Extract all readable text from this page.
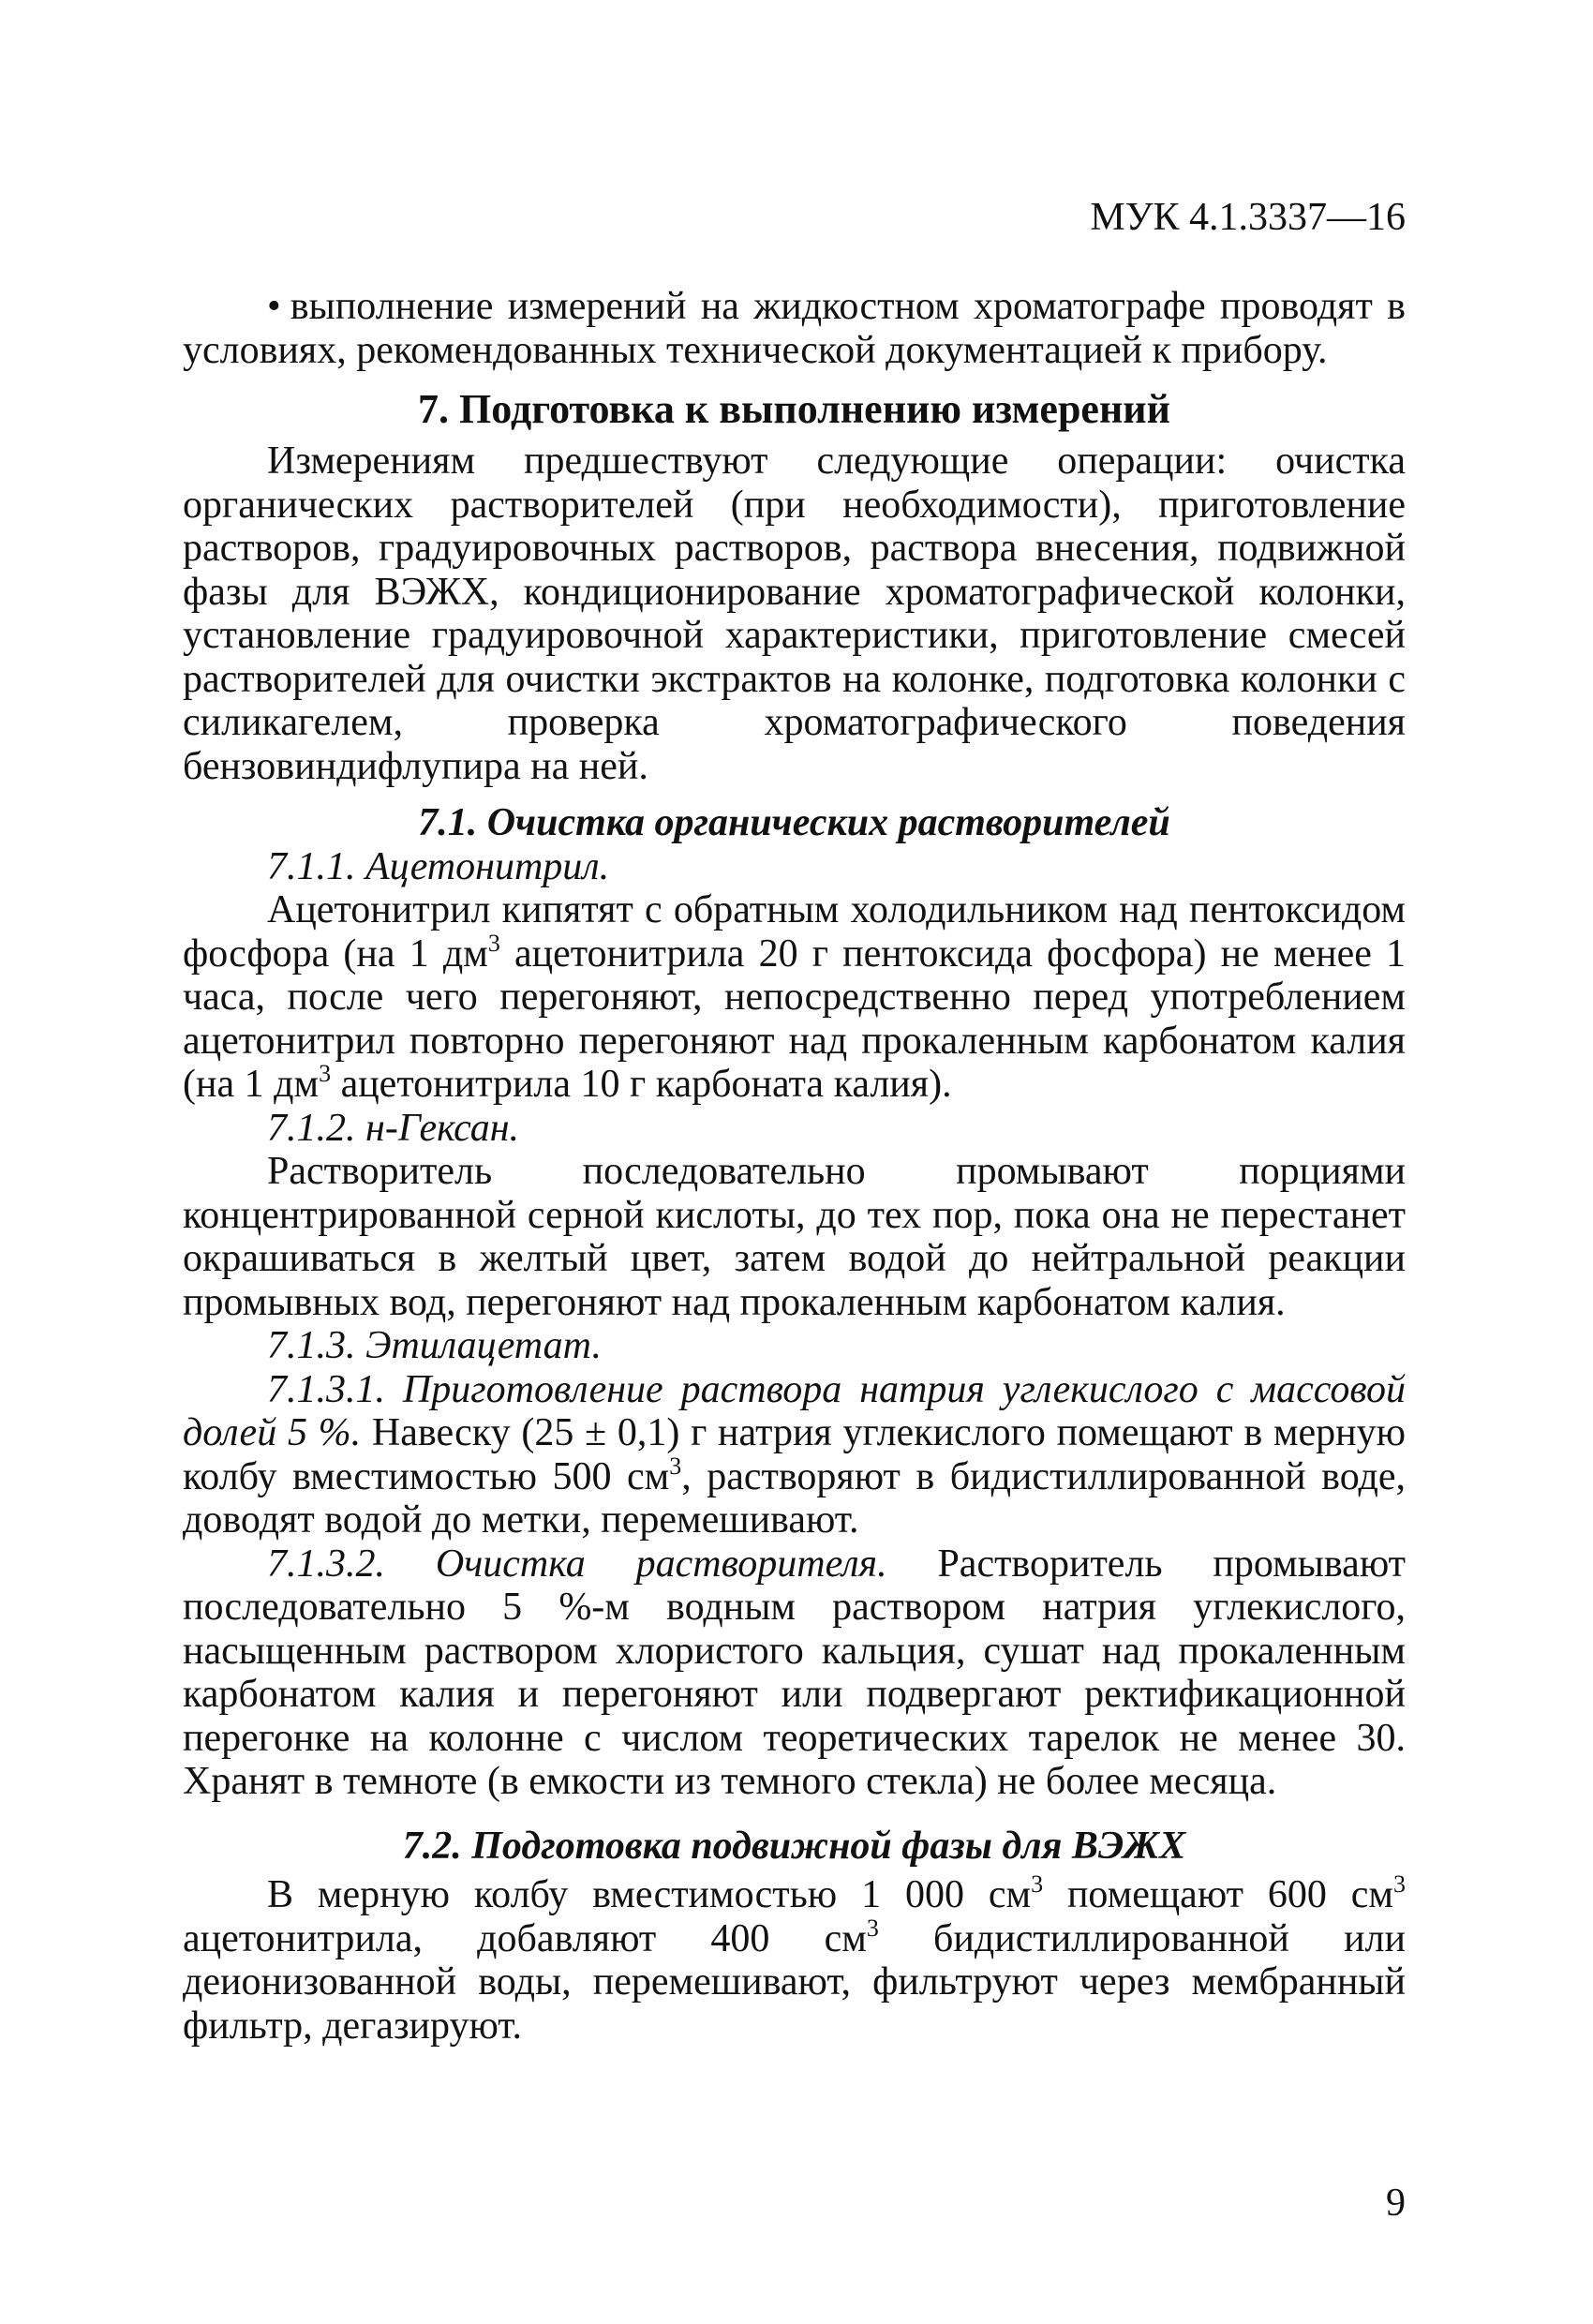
МУК 4.1.3337—16

• выполнение измерений на жидкостном хроматографе проводят в условиях, рекомендованных технической документацией к прибору.

7. Подготовка к выполнению измерений

Измерениям предшествуют следующие операции: очистка органических растворителей (при необходимости), приготовление растворов, градуировочных растворов, раствора внесения, подвижной фазы для ВЭЖХ, кондиционирование хроматографической колонки, установление градуировочной характеристики, приготовление смесей растворителей для очистки экстрактов на колонке, подготовка колонки с силикагелем, проверка хроматографического поведения бензовиндифлупира на ней.

7.1. Очистка органических растворителей

7.1.1. Ацетонитрил.

Ацетонитрил кипятят с обратным холодильником над пентоксидом фосфора (на 1 $дм^3$ ацетонитрила 20 г пентоксида фосфора) не менее 1 часа, после чего перегоняют, непосредственно перед употреблением ацетонитрил повторно перегоняют над прокаленным карбонатом калия (на 1 $дм^3$ ацетонитрила 10 г карбоната калия).

7.1.2. н-Гексан.

Растворитель последовательно промывают порциями концентрированной серной кислоты, до тех пор, пока она не перестанет окрашиваться в желтый цвет, затем водой до нейтральной реакции промывных вод, перегоняют над прокаленным карбонатом калия.

7.1.3. Этилацетат.

7.1.3.1. Приготовление раствора натрия углекислого с массовой долей 5 %. Навеску (25 ± 0,1) г натрия углекислого помещают в мерную колбу вместимостью 500 $см^3$, растворяют в бидистиллированной воде, доводят водой до метки, перемешивают.

7.1.3.2. Очистка растворителя. Растворитель промывают последовательно 5 %-м водным раствором натрия углекислого, насыщенным раствором хлористого кальция, сушат над прокаленным карбонатом калия и перегоняют или подвергают ректификационной перегонке на колонне с числом теоретических тарелок не менее 30. Хранят в темноте (в емкости из темного стекла) не более месяца.

7.2. Подготовка подвижной фазы для ВЭЖХ

В мерную колбу вместимостью 1 000 $см^3$ помещают 600 $см^3$ ацетонитрила, добавляют 400 $см^3$ бидистиллированной или деионизованной воды, перемешивают, фильтруют через мембранный фильтр, дегазируют.

9
